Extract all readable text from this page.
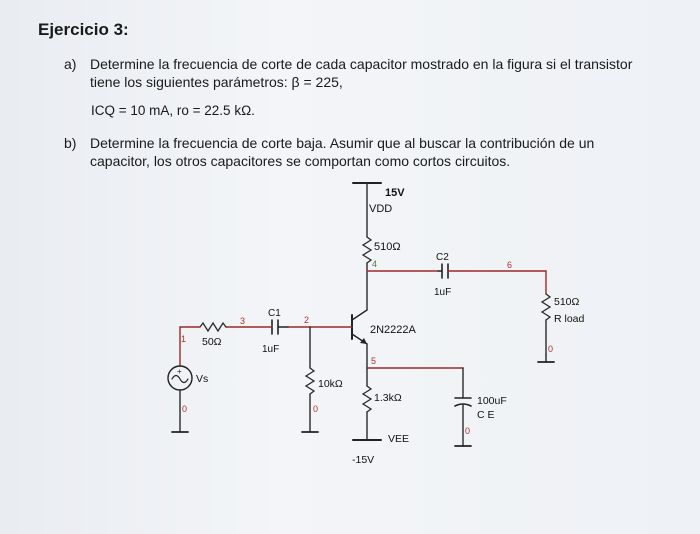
Ejercicio 3:
a) Determine la frecuencia de corte de cada capacitor mostrado en la figura si el transistor
tiene los siguientes parámetros: β = 225,
ICQ = 10 mA, ro = 22.5 kΩ.
b) Determine la frecuencia de corte baja. Asumir que al buscar la contribución de un
capacitor, los otros capacitores se comportan como cortos circuitos.
15V
VDD
510Ω
4
C2
1uF
6
510Ω
R load
0
2N2222A
2
C1
1uF
3
50Ω
1
+
Vs
0
10kΩ
0
5
1.3kΩ
VEE
-15V
100uF
C E
0
